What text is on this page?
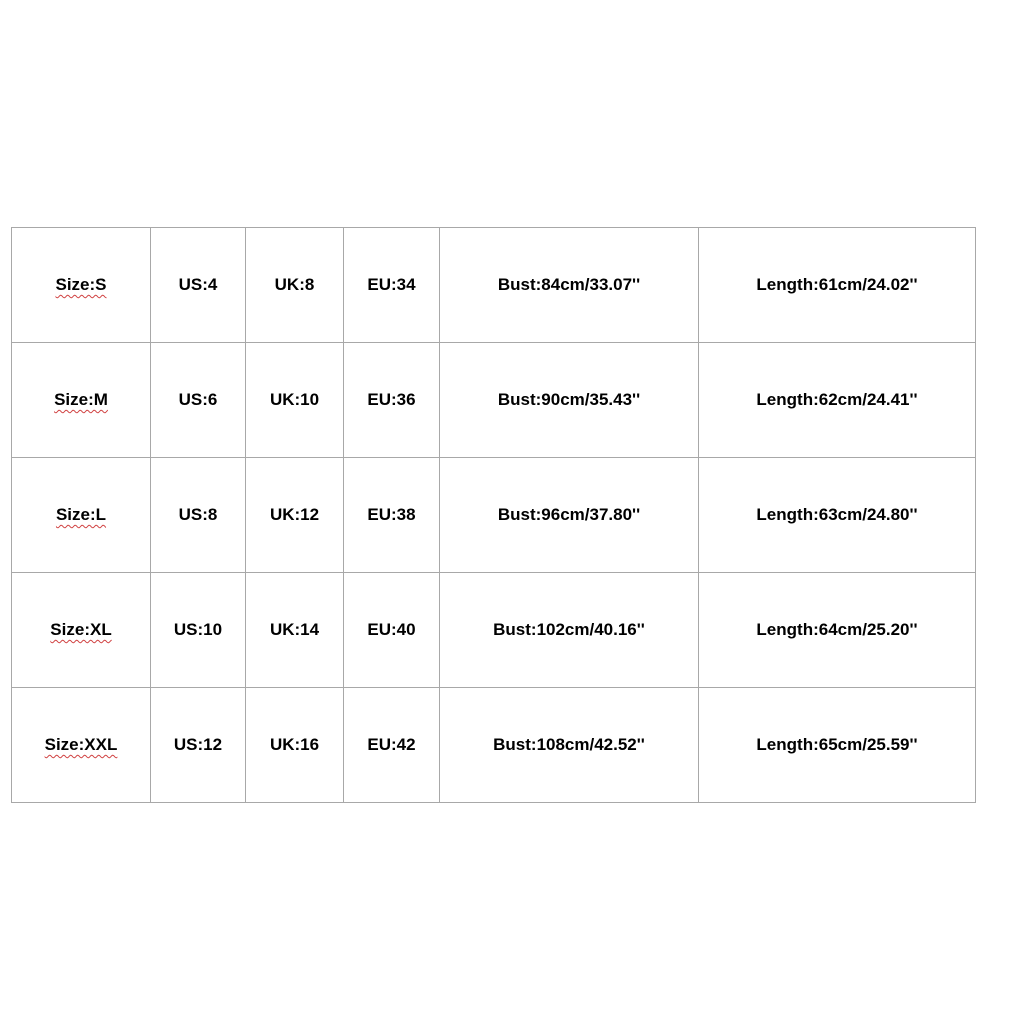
Size:S	US:4	UK:8	EU:34	Bust:84cm/33.07''	Length:61cm/24.02''
Size:M	US:6	UK:10	EU:36	Bust:90cm/35.43''	Length:62cm/24.41''
Size:L	US:8	UK:12	EU:38	Bust:96cm/37.80''	Length:63cm/24.80''
Size:XL	US:10	UK:14	EU:40	Bust:102cm/40.16''	Length:64cm/25.20''
Size:XXL	US:12	UK:16	EU:42	Bust:108cm/42.52''	Length:65cm/25.59''
